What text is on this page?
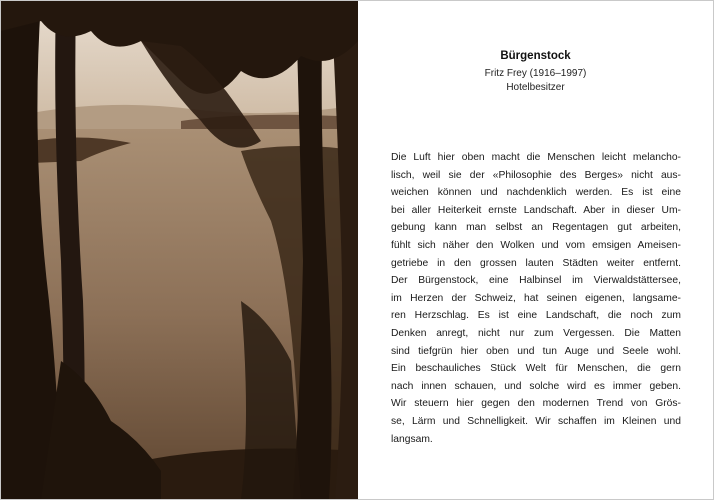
Bürgenstock
Fritz Frey (1916–1997)
Hotelbesitzer
Die Luft hier oben macht die Menschen leicht melancho-
lisch, weil sie der «Philosophie des Berges» nicht aus-
weichen können und nachdenklich werden. Es ist eine
bei aller Heiterkeit ernste Landschaft. Aber in dieser Um-
gebung kann man selbst an Regentagen gut arbeiten,
fühlt sich näher den Wolken und vom emsigen Ameisen-
getriebe in den grossen lauten Städten weiter entfernt.
Der Bürgenstock, eine Halbinsel im Vierwaldstättersee,
im Herzen der Schweiz, hat seinen eigenen, langsame-
ren Herzschlag. Es ist eine Landschaft, die noch zum
Denken anregt, nicht nur zum Vergessen. Die Matten
sind tiefgrün hier oben und tun Auge und Seele wohl.
Ein beschauliches Stück Welt für Menschen, die gern
nach innen schauen, und solche wird es immer geben.
Wir steuern hier gegen den modernen Trend von Grös-
se, Lärm und Schnelligkeit. Wir schaffen im Kleinen und
langsam.
